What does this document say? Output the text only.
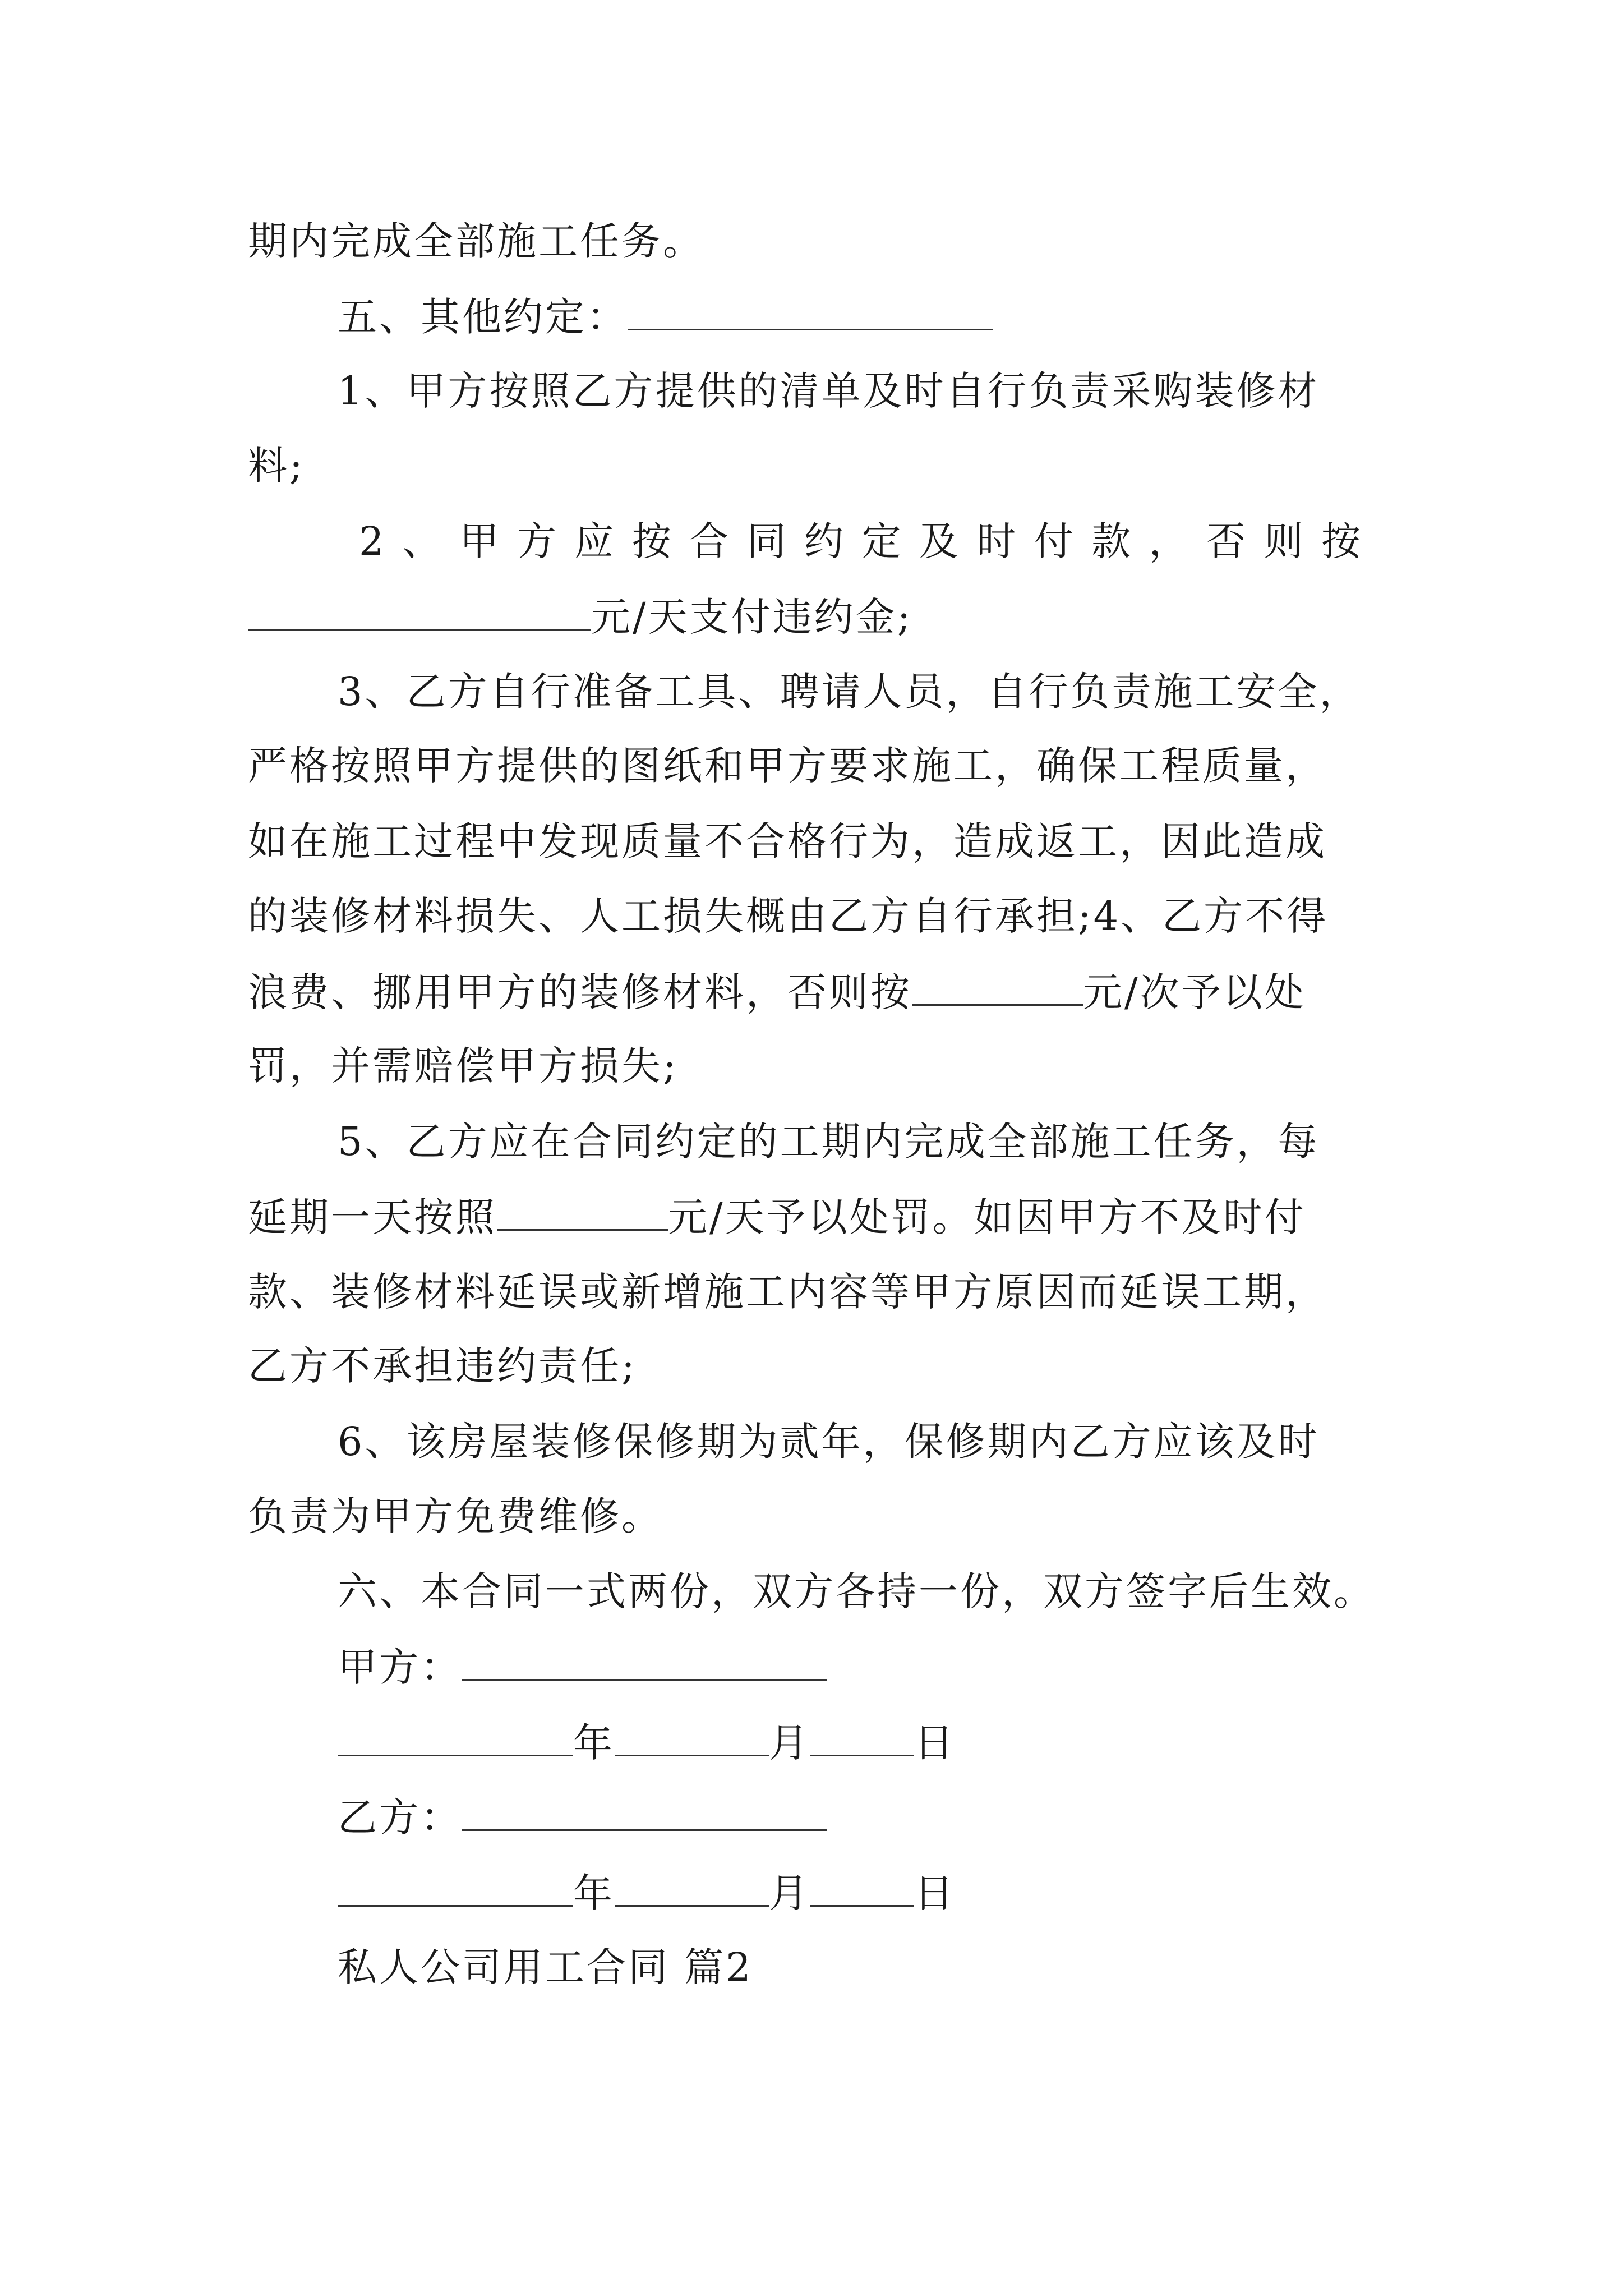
期内完成全部施工任务。
五、其他约定：
1、甲方按照乙方提供的清单及时自行负责采购装修材
料;
2 、 甲 方 应 按 合 同 约 定 及 时 付 款 ， 否 则 按
元/天支付违约金;
3、乙方自行准备工具、聘请人员，自行负责施工安全，
严格按照甲方提供的图纸和甲方要求施工，确保工程质量，
如在施工过程中发现质量不合格行为，造成返工，因此造成
的装修材料损失、人工损失概由乙方自行承担;4、乙方不得
浪费、挪用甲方的装修材料，否则按	元/次予以处
罚，并需赔偿甲方损失;
5、乙方应在合同约定的工期内完成全部施工任务，每
延期一天按照	元/天予以处罚。如因甲方不及时付
款、装修材料延误或新增施工内容等甲方原因而延误工期，
乙方不承担违约责任;
6、该房屋装修保修期为贰年，保修期内乙方应该及时
负责为甲方免费维修。
六、本合同一式两份，双方各持一份，双方签字后生效。
甲方：
年	月	日
乙方：
年	月	日
私人公司用工合同 篇2
